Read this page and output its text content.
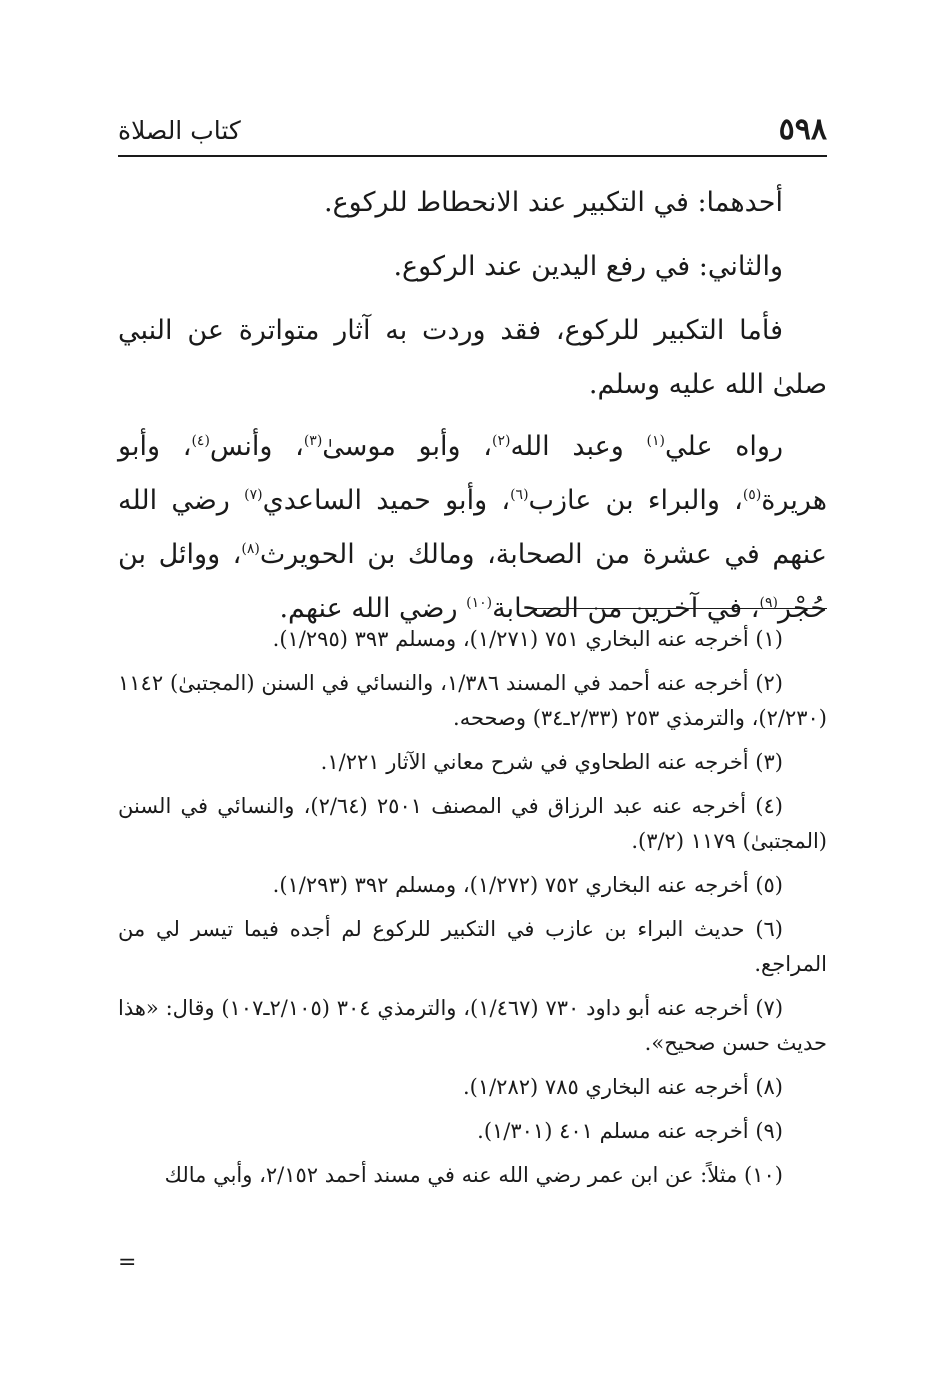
٥٩٨
كتاب الصلاة

أحدهما: في التكبير عند الانحطاط للركوع.

والثاني: في رفع اليدين عند الركوع.

فأما التكبير للركوع، فقد وردت به آثار متواترة عن النبي صلىٰ الله عليه وسلم.

رواه علي$^{(١)}$ وعبد الله$^{(٢)}$، وأبو موسىٰ$^{(٣)}$، وأنس$^{(٤)}$، وأبو هريرة$^{(٥)}$، والبراء بن عازب$^{(٦)}$، وأبو حميد الساعدي$^{(٧)}$ رضي الله عنهم في عشرة من الصحابة، ومالك بن الحويرث$^{(٨)}$، ووائل بن حُجْر$^{(٩)}$، في آخرين من الصحابة$^{(١٠)}$ رضي الله عنهم.

(١) أخرجه عنه البخاري ٧٥١ (١/٢٧١)، ومسلم ٣٩٣ (١/٢٩٥).

(٢) أخرجه عنه أحمد في المسند ١/٣٨٦، والنسائي في السنن (المجتبىٰ) ١١٤٢ (٢/٢٣٠)، والترمذي ٢٥٣ (٢/٣٣ـ٣٤) وصححه.

(٣) أخرجه عنه الطحاوي في شرح معاني الآثار ١/٢٢١.

(٤) أخرجه عنه عبد الرزاق في المصنف ٢٥٠١ (٢/٦٤)، والنسائي في السنن (المجتبىٰ) ١١٧٩ (٣/٢).

(٥) أخرجه عنه البخاري ٧٥٢ (١/٢٧٢)، ومسلم ٣٩٢ (١/٢٩٣).

(٦) حديث البراء بن عازب في التكبير للركوع لم أجده فيما تيسر لي من المراجع.

(٧) أخرجه عنه أبو داود ٧٣٠ (١/٤٦٧)، والترمذي ٣٠٤ (٢/١٠٥ـ١٠٧) وقال: «هذا حديث حسن صحيح».

(٨) أخرجه عنه البخاري ٧٨٥ (١/٢٨٢).

(٩) أخرجه عنه مسلم ٤٠١ (١/٣٠١).

(١٠) مثلاً: عن ابن عمر رضي الله عنه في مسند أحمد ٢/١٥٢، وأبي مالك

=
